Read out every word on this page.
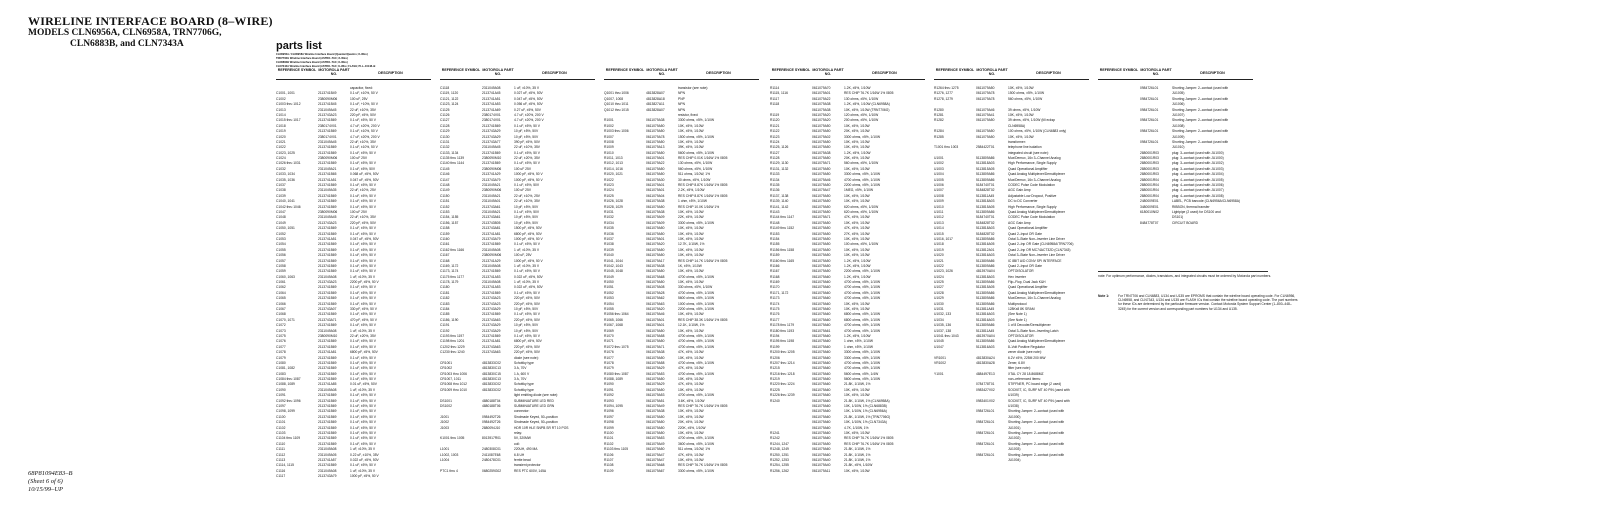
WIRELINE INTERFACE BOARD (8–WIRE)
MODELS CLN6956A, CLN6958A, TRN7706G,
CLN6883B, and CLN7343A	parts list
CLN6956A / CLN6958A Wireline Interface Board (Quantar/Quantro; 8–Wire)
TRN7706G Wireline Interface Board (ASTRO–TAC; 8–Wire)
CLN6883B Wireline Interface Board (ASTRO–TAC; 8–Wire)
CLN7343A Wireline Interface Board (ASTRO–TAC; 8–Wire; FLASH; PLL–10148–B
REFERENCE SYMBOL MOTOROLA PART NO.	DESCRIPTION
capacitor, fixed:
C1001, 1001	2113741B49	0.1 uF, ±10%, 50 V
C1002	2380090M06	100 uF, 25V
C1003 thru 1012	2113741B45	0.1 uF, +10%, 50 V
C1013	2311049A45	22 uF, ±10%, 35V
C1014	2113743A23	220 pF, ±5%, 50V
C1015 thru 1017	2113741B69	0.1 uF, ±5%, 50 V
C1018	2380174V01	4.7 uF, ±20%, 200 V
C1019	2113741B69	0.1 uF, ±10%, 50 V
C1020	2380174V01	4.7 uF, ±20%, 200 V
C1021	2311049A45	22 uF, ±10%, 35V
C1022	2113741B69	0.1 uF, ±10%, 50 V
C1023, 1025	2113741B69	0.1 uF, ±5%, 50 V
C1024	2380090M06	100 uF 25V
C1026 thru 1031	2113741B69	0.1 uF, ±5%, 50 V
C1032	2311049A21	0.1 uF, ±5%, 50V
C1033, 1034	2113741B65	0.068 uF, ±5%, 50V
C1035, 1036	2113741A51	0.047 uF, ±5%, 50V
C1037	2113741B69	0.1 uF, ±5%, 50 V
C1038	2311049A35	22 uF, ±10%, 25V
C1039	2113741B69	0.1 uF, ±5%, 50 V
C1040, 1041	2113741B69	0.1 uF, ±5%, 50 V
C1042 thru 1046	2113741B69	0.1 uF, ±5%, 50 V
C1047	2380090M06	100 uF 25V
C1048	2311049A45	22 uF, ±10%, 35V
C1049	2113743A23	220 pF, ±5%, 50V
C1050, 1051	2113741B69	0.1 uF, ±5%, 50 V
C1052	2113741B69	0.1 uF, ±5%, 50 V
C1053	2113741A51	0.047 uF, ±5%, 50V
C1054	2113741B69	0.1 uF, ±5%, 50 V
C1055	2113741B69	0.1 uF, ±5%, 50 V
C1056	2113741B69	0.1 uF, ±5%, 50 V
C1057	2113741B69	0.1 uF, ±5%, 50 V
C1058	2113741B69	0.1 uF, ±5%, 50 V
C1059	2113741B69	0.1 uF, ±5%, 50 V
C1060, 1063	2311049A08	1 uF, ±10%, 35 V
C1061	2113743A23	2200 pF, ±5%, 50 V
C1062	2113741B69	0.1 uF, ±5%, 50 V
C1064	2113741B69	0.1 uF, ±5%, 50 V
C1065	2113741B69	0.1 uF, ±5%, 50 V
C1066	2113741B69	0.1 uF, ±5%, 50 V
C1067	2113743A07	330 pF, ±5%, 50 V
C1068	2113741B69	0.1 uF, ±5%, 50 V
C1070, 1071	2113743A71	470 pF, ±5%, 50 V
C1072	2113741B69	0.1 uF, ±5%, 50 V
C1073	2311049A08	1 uF, ±10%, 35 V
C1075	2380090M10	22 uF, ±20%, 35V
C1076	2113741B69	0.1 uF, ±5%, 50 V
C1077	2113741B69	0.1 uF, ±5%, 50 V
C1078	2113741A81	6800 pF, ±5%, 50V
C1079	2113741B69	0.1 uF, ±5%, 50 V
C1080	2113741B69	0.1 uF, ±5%, 50 V
C1081, 1082	2113741B69	0.1 uF, ±5%, 50 V
C1083	2113741B69	0.1 uF, ±5%, 50 V
C1084 thru 1087	2113741B69	0.1 uF, ±5%, 50 V
C1088, 1089	2113741A85	0.01 uF, ±5%, 50V
C1090	2311049A08	1 uF, ±10%, 35 V
C1091	2113741B69	0.1 uF, ±5%, 50 V
C1092 thru 1096	2113741B69	0.1 uF, ±5%, 50 V
C1097	2113741B69	0.1 uF, ±5%, 50 V
C1098, 1099	2113741B69	0.1 uF, ±5%, 50 V
C1100	2113741B69	0.1 uF, ±5%, 50 V
C1101	2113741B69	0.1 uF, ±5%, 50 V
C1102	2113741B69	0.1 uF, ±5%, 50 V
C1103	2113741B69	0.1 uF, ±5%, 50 V
C1104 thru 1109	2113741B69	0.1 uF, ±5%, 50 V
C1110	2113741B69	0.1 uF, ±5%, 50 V
C1111	2311049A08	1 uF, ±10%, 35 V
C1112	2311049A05	0.22 uF, ±10%, 35V
C1113	2113741A57	0.022 uF, ±5%, 50V
C1114, 1115	2113741B69	0.1 uF, ±5%, 50 V
C1116	2311049A08	1 uF, ±10%, 35 V
C1117	2113743A79	1000 pF, ±5%, 50 V
REFERENCE SYMBOL MOTOROLA PART NO.	DESCRIPTION
C1118	2311049A08	1 uF, ±10%, 35 V
C1119, 1120	2113741A45	0.027 uF, ±5%, 50V
C1121, 1122	2113741A51	0.047 uF, ±5%, 50V
C1123, 1124	2113741A53	0.056 uF, ±5%, 50V
C1125	2113741A69	0.27 uF, ±5%, 50V
C1126	2380174V01	4.7 uF, ±20%, 200 V
C1127	2380174V01	4.7 uF, ±20%, 200 V
C1128	2113741B69	0.1 uF, ±5%, 50 V
C1129	2113743A29	10 pF, ±5%, 50V
C1130	2113743A29	10 pF, ±5%, 50V
C1131	2113743A77	390 pF, ±5%, 50V
C1132	2311049A45	22 uF, ±10%, 35V
C1133, 1134	2113741B69	0.1 uF, ±5%, 50 V
C1135 thru 1139	2380090M10	22 uF, ±20%, 35V
C1140 thru 1144	2113741B69	0.1 uF, ±5%, 50 V
C1145	2380090M06	100 uF 25V
C1146	2113741A29	1000 pF, ±5%, 50 V
C1147	2113743A79	1000 pF, ±5%, 50 V
C1148	2311049A21	0.1 uF, ±5%, 50V
C1149	2380090M06	100 uF 25V
C1150	2311049A21	22 uF, ±10%, 25V
C1151	2311049A01	22 uF, ±10%, 35V
C1152	2113743A61	10 pF, ±5%, 50V
C1153	2311049A21	0.1 uF, ±5%, 50V
C1154, 1155	2113743A61	10 pF, ±5%, 50V
C1156, 1157	2113743B05	10 pF, ±5%, 50V
C1158	2113743A81	1500 pF, ±5%, 50V
C1159	2113741A81	6800 pF, ±5%, 50V
C1160	2113743A79	1000 pF, ±5%, 50 V
C1161	2113741B69	0.1 uF, ±5%, 50 V
C1162 thru 1166	2311049A08	1 uF, ±10%, 35 V
C1167	2380090M06	100 uF, 25V
C1168	2113741A29	1000 pF, ±5%, 50 V
C1169, 1172	2311049A08	1 uF, ±10%, 35 V
C1173, 1174	2113741B69	0.1 uF, ±5%, 50 V
C1175 thru 1177	2113741A53	0.022 uF, ±5%, 50V
C1178, 1179	2311049A08	1 uF, ±10%, 35 V
C1180	2113741A53	0.022 uF, ±5%, 50V
C1181	2113741B69	0.1 uF, ±5%, 50 V
C1182	2113743A23	220 pF, ±5%, 50V
C1183	2113743A23	220 pF, ±5%, 50V
C1184	2113743A29	10 pF, ±5%, 50V
C1185	2113741B69	0.1 uF, ±5%, 50 V
C1186, 1190	2113743A63	220 pF, ±5%, 50V
C1191	2113743A29	10 pF, ±5%, 50V
C1192	2113743A29	10 pF, ±5%, 50V
C1193 thru 1197	2113741B69	0.1 uF, ±5%, 50 V
C1198 thru 1201	2113741A81	6800 pF, ±5%, 50V
C1202 thru 1229	2113743A63	220 pF, ±5%, 50V
C1230 thru 1240	2113743A63	220 pF, ±5%, 50V
diode (see note):
CR1001	4813833C02	Schottky type
CR1002	4813830C13	3 A, 70V
CR1003 thru 1006	4813830C15	1 A, 600 V
CR1007, 1011	4813830C13	3 A, 70V
CR1008 thru 1012	4813833C02	Schottky type
CR1009 thru 1010	4813833C02	Schottky type
light emitting diode (see note):
DS1001	4880188T04	SUBMINIATURE LED RED
DS1002	4880188T06	SUBMINIATURE LED GRN
connector:
J1001	0984492T26	Sindmade Keyed, 50–position
J1002	0984492T26	Sindmade Keyed, 50–position
J1003	2880094J10	HDR 10R HLE SNPB SR RT 10 POS
relay:
K1001 thru 1005	8013917R01	5V, 320MW
coil:
L1001	2480308C01	220UH, 490 MA
L1002, 1003	2411087E68	6.8 UH
L1004	2480478C01	ferrite bead
transient protector
PTC1 thru 4	0680259G02	RES PTC 600V, 145A
REFERENCE SYMBOL MOTOROLA PART NO.	DESCRIPTION
transistor (see note):
Q1001 thru 1006	4813828A07	NPN
Q1007, 1008	4813828A18	PNP
Q1010 thru 1011	4813827A11	NPN
Q1012 thru 1015	4813828A07	NPN
resistor, fixed:
R1001	0611079A38	3300 ohms, ±5%, 1/10W
R1002	0611079A50	10K, ±5%, 1/10W
R1003 thru 1006	0611079A50	10K, ±5%, 1/10W
R1007	0611079A78	1500 ohms, ±5%, 1/10W
R1008	0611079A50	10K, ±5%, 1/10W
R1009	0611079A13	39K, ±5%, 1/10W
R1010	0611079A50	5600 ohms, ±5%, 1/10W
R1011, 1013	0611079A01	RES CHIP 0.01K 1/16W 1% 0805
R1012, 1013	0611079A22	130 ohms, ±5%, 1/10W
R1014, 1016	0611079A50	560 ohms, ±5%, 1/10W
R1020, 1021	0611079A50	511 ohms, 1/10W, 1%
R1022	0611079A30	30 ohms, ±5%, 1/10W
R1023	0611079A01	RES CHIP 8.87K 1/16W 1% 0805
R1024	0611079A01	2.2K, ±5%, 1/10W
R1025	0611079A04	RES CHIP 8.87K 1/16W 1% 0805
R1026, 1028	0611079A38	1 ohm, ±5%, 1/10W
R1028, 1029	0611079A50	RES CHIP 10.0K 1/16W 1%
R1031	0611079A38	10K, ±5%, 1/10W
R1032	0611079A09	22K, ±5%, 1/10W
R1034	0611079A09	3300 ohms, ±5%, 1/10W
R1035	0611079A50	10K, ±5%, 1/10W
R1036	0611079A50	10K, ±5%, 1/10W
R1037	0611079A01	10K, ±5%, 1/10W
R1038	0611079A20	12.7K, 1/10W, 1%
R1039	0611079A50	10K, ±5%, 1/10W
R1040	0611079A50	10K, ±5%, 1/10W
R1041, 1044	0611079A17	RES CHIP 14.7K 1/16W 1% 0805
R1042, 1043	0611079A38	1K, ±5%, 1/10W
R1045, 1048	0611079A50	10K, ±5%, 1/10W
R1049	0611079A68	4700 ohms, ±5%, 1/10W
R1050	0611079A50	10K, ±5%, 1/10W
R1051	0611079A08	330 ohms, ±5%, 1/10W
R1052	0611079A28	4700 ohms, ±5%, 1/10W
R1053	0611079A62	5600 ohms, ±5%, 1/10W
R1054	0611079A63	1000 ohms, ±5%, 1/10W
R1055	0611079A20	2200 ohms, ±5%, 1/10W
R1056 thru 1064	0611079A46	10K, ±5%, 1/10W
R1065, 1066	0611079A01	RES CHIP 38.3K 1/16W 1% 0805
R1067, 1068	0611079A01	12.1K, 1/10W, 1%
R1069	0611079A50	10K, ±5%, 1/10W
R1070	0611079A58	4700 ohms, ±5%, 1/10W
R1071	0611079A50	4700 ohms, ±5%, 1/10W
R1072 thru 1075	0611079A71	4700 ohms, ±5%, 1/10W
R1076	0611079A38	47K, ±5%, 1/10W
R1077	0611079A50	10K, ±5%, 1/10W
R1078	0611079A58	4700 ohms, ±5%, 1/10W
R1079	0611079A29	47K, ±5%, 1/10W
R1080 thru 1087	0611079A53	4700 ohms, ±5%, 1/10W
R1088, 1089	0611079A50	10K, ±5%, 1/10W
R1090	0611079A29	47K, ±5%, 1/10W
R1091	0611079A50	10K, ±5%, 1/10W
R1092	0611079A53	4700 ohms, ±5%, 1/10W
R1093	0611079A51	3.6K, ±5%, 1/10W
R1094, 1095	0611079A49	RES CHIP 76.7K 1/16W 1% 0805
R1096	0611079A38	10K, ±5%, 1/10W
R1097	0611079A50	10K, ±5%, 1/10W
R1098	0611079A50	20K, ±5%, 1/10W
R1099	0611079A50	220K, ±5%, 1/10W
R1100	0611079A50	10K, ±5%, 1/10W
R1101	0611079A53	4700 ohms, ±5%, 1/10W
R1102	0611079A49	3600 ohms, ±5%, 1/10W
R1103 thru 1105	0611079A50	511 ohms, 1/10W, 1%
R1106	0611079A47	47K, ±5%, 1/10W
R1107	0611079A47	10K, ±5%, 1/10W
R1108	0611079A68	RES CHIP 76.7K 1/16W 1% 0805
R1109	0611079A67	3300 ohms, ±5%, 1/10W
REFERENCE SYMBOL MOTOROLA PART NO.	DESCRIPTION
R1114	0611079A70	1.2K, ±5%, 1/10W
R1115, 1116	0611079A01	RES CHIP 76.7K 1/16W 1% 0805
R1117	0611079A22	130 ohms, ±5%, 1/10W
R1118	0611079A38	1.2K, ±5%, 1/10W (CLN6958A)
0611079A38	10K, ±5%, 1/10W (TRN7706G)
R1119	0611079A20	120 ohms, ±5%, 1/10W
R1120	0611079A20	200 ohms, ±5%, 1/10W
R1121	0611079A50	10K, ±5%, 1/10W
R1122	0611079A50	20K, ±5%, 1/10W
R1123	0611079A02	3300 ohms, ±5%, 1/10W
R1124	0611079A50	10K, ±5%, 1/10W
R1125, 1126	0611079A50	10K, ±5%, 1/10W
R1127	0611079A38	1.2K, ±5%, 1/10W
R1128	0611079A50	20K, ±5%, 1/10W
R1129, 1130	0611079A71	560 ohms, ±5%, 1/10W
R1131, 1132	0611079A50	10K, ±5%, 1/10W
R1133	0611079A50	3300 ohms, ±5%, 1/10W
R1134	0611079A46	4700 ohms, ±5%, 1/10W
R1135	0611079A50	2200 ohms, ±5%, 1/10W
R1136	0611079A47	1MEG, ±5%, 1/10W
R1137, 1138	0611079A50	10K, ±5%, 1/10W
R1139, 1140	0611079A50	10K, ±5%, 1/10W
R1141, 1142	0611079A50	620 ohms, ±5%, 1/10W
R1143	0611079A50	620 ohms, ±5%, 1/10W
R1144 thru 1147	0611079A71	47K, ±5%, 1/10W
R1148	0611079A50	10K, ±5%, 1/10W
R1149 thru 1152	0611079A50	47K, ±5%, 1/10W
R1153	0611079A50	27K, ±5%, 1/10W
R1154	0611079A50	10K, ±5%, 1/10W
R1155	0611079A50	100 ohms, ±5%, 1/10W
R1156 thru 1158	0611079A50	10K, ±5%, 1/10W
R1159	0611079A50	10K, ±5%, 1/10W
R1160 thru 1165	0611079A50	1.2K, ±5%, 1/10W
R1166	0611079A50	1.2K, ±5%, 1/10W
R1167	0611079A50	2200 ohms, ±5%, 1/10W
R1168	0611079A60	1.2K, ±5%, 1/10W
R1169	0611079A60	4700 ohms, ±5%, 1/10W
R1170	0611079A60	4700 ohms, ±5%, 1/10W
R1171, 1172	0611079A60	4700 ohms, ±5%, 1/10W
R1173	0611079A60	4700 ohms, ±5%, 1/10W
R1174	0611079A60	10K, ±5%, 1/10W
R1175	0611079A60	10K, ±5%, 1/10W
R1176	0611079A60	6800 ohms, ±5%, 1/10W
R1177	0611079A60	6800 ohms, ±5%, 1/10W
R1178 thru 1179	0611079A60	4700 ohms, ±5%, 1/10W
R1180 thru 1193	0611079A61	4700 ohms, ±5%, 1/10W
R1194	0611079A60	1.2K, ±5%, 1/10W
R1195 thru 1198	0611079A60	1 ohm, ±5%, 1/10W
R1199	0611079A60	1 ohm, ±5%, 1/10W
R1200 thru 1205	0611079A60	3300 ohms, ±5%, 1/10W
R1206	0611079A60	3300 ohms, ±5%, 1/10W
R1207 thru 1214	0611079A60	4700 ohms, ±5%, 1/10W
R1215	0611079A60	4700 ohms, ±5%, 1/10W
R1216 thru 1218	0611079A60	5600 ohms, ±5%, 1/4W
R1219	0611079A60	5600 ohms, ±5%, 1/10W
R1220 thru 1224	0611079A60	21.8K, 1/10W, 1%
R1225	0611079A60	10K, ±5%, 1/10W
R1226 thru 1239	0611079A60	10K, ±5%, 1/10W
R1240	0611079A60	21.8K, 1/10W, 1% (CLN6958A)
0611079A60	10K, 1/10W, 1% (CLN6883B)
0611079A60	10K, 1/10W, 1% (CLN6956A)
0611079A60	21.8K, 1/10W, 1% (TRN7706G)
0611079A60	10K, 1/10W, 1% (CLN7343A)
0611079A60	4.7K, 1/10W, 1%
R1241	0611079A60	10K, ±5%, 1/10W
R1242	0611079A60	RES CHIP 76.7K 1/16W 1% 0805
R1244, 1247	0611079A50	RES CHIP 76.7K 1/16W 1% 0805
R1248, 1249	0611079A60	21.8K, 1/10W, 1%
R1250, 1251	0611079A60	21.8K, 1/10W, 1%
R1252, 1253	0611079A40	21.8K, 1/10W, 1%
R1254, 1255	0611079A40	21.8K, ±5%, 1/10W
R1256, 1262	0611079A11	10K, ±5%, 1/10W
REFERENCE SYMBOL MOTOROLA PART NO.	DESCRIPTION
R1264 thru 1275	0611079A50	10K, ±5%, 1/10W
R1276, 1277	0611079A78	1500 ohms, ±5%, 1/10W
R1278, 1279	0611079A78	560 ohms, ±5%, 1/10W
R1280	0611079A46	39 ohms, ±5%, 1/10W
R1281	0611079A41	10K, ±5%, 1/10W
R1282	0611079A50	39 ohms, ±5%, 1/10W (till ecksp
CLN6958A)
R1284	0611079A50	100 ohms, ±5%, 1/10W (CLN6883 only)
R1285	0611079A50	10K, ±5%, 1/10W
transformer:
T1001 thru 1003	2584422T01	telephone line isolation
integrated circuit (see note):
U1001	5113809A86	Mux/Demux, 16x 3–Channel Analog
U1002	5113818A03	High Performance, Single Supply
U1003	5113815A05	Quad Operational Amplifier
U1004	5113809A86	Quad Analog Multiplexer/Demultiplexer
U1005	5113809A86	Mux/Demux, 16x 3–Channel Analog
U1006	5184740T01	CODEC Pulse Code Modulation
U1007	5184828T02	AGC Gain Amp
U1008	5113811A45	Adjustable Low Dropout, Positive
U1009	5113818A03	DC to DC Converter
U1010	5113815A05	High Performance, Single Supply
U1011	5113809A86	Quad Analog Multiplexer/Demultiplexer
U1012	5184740T01	CODEC Pulse Code Modulation
U1013	5184828T02	AGC Gain Amp
U1014	5113818A03	Quad Operational Amplifier
U1015	5184828T02	Quad 2–Input OR Gate
U1016, 1017	5113809A86	Octal 3–State Non–Inverter Line Driver
U1018	5113816A05	Quad 2–Inp OR Gate (CLN6958A/TRN7706)
U1019	5113812A01	Quad 2–Inp OR MC74ACT32D (CLN7343)
U1020	5113816A03	Octal 3–State Non–Inverter Line Driver
U1021	5113809A86	IC 8BIT A/D CONV SPI INTERFACE
U1022	5113809A86	Quad 2–Input OR Gate
U1023, 1026	4813970A04	OPTOISOLATOR
U1024	5113818A03	Hex Inverter
U1025	5113809A86	Flip–Flop, Dual Jack K&H
U1027	5113815A05	Quad Operational Amplifier
U1028	5113809A86	Quad Analog Multiplexer/Demultiplexer
U1029	5113809A86	Mux/Demux, 16x 3–Channel Analog
U1030	5113809A86	Multiprotocol
U1031	5113811A45	128Kx8 8K SRAM
U1032, 133	5113816A03	(See Note 1)
U1034	5113816A03	(See Note 1)
U1035, 136	5113809A86	1 of 8 Decoder/Demultiplexer
U1037, 138	5113811A45	Octal 3–State Non–Inverting Latch
U1041 thru 1043	4813970A04	OPTOISOLATOR
U1045	5113809A86	Quad Analog Multiplexer/Demultiplexer
U1047	5113816A03	8–Volt Positive Regulator
zener diode (see note):
VR1001	4813830A24	6.2V ±5%, 225M 200 MW
VR1002	4813830A28	Zener, 6.8V
filter (see note):
Y1001	4884497E13	XTAL CY 28 18.8688MZ
non–referenced items:
0784778T01	STIFFNER, PC board edge (2 used)
0983427V02	SOCKET, IC, SURF MT 40 PIN (used with
U1039)
0983401V02	SOCKET, IC, SURF MT 40 PIN (used with
U1038)
0984726L01	Shorting Jumper: 2–contact (used with
JU1000)
0984726L01	Shorting Jumper: 2–contact (used with
JU1001)
0984726L01	Shorting Jumper: 2–contact (used with
JU1002)
0984726L01	Shorting Jumper: 2–contact (used with
JU1003)
0984726L01	Shorting Jumper: 2–contact (used with
JU1004)
REFERENCE SYMBOL MOTOROLA PART NO.	DESCRIPTION
0984726L01	Shorting Jumper: 2–contact (used with
JU1005)
0984726L01	Shorting Jumper: 2–contact (used with
JU1006)
0984726L01	Shorting Jumper: 2–contact (used with
JU1007)
0984726L01	Shorting Jumper: 2–contact (used with
JU1008)
0984726L01	Shorting Jumper: 2–contact (used with
JU1009)
0984726L01	Shorting Jumper: 2–contact (used with
JU1010)
2880001R03	plug: 3–contact (used with JU1000)
2880001R03	plug: 3–contact (used with JU1000)
2880001R03	plug: 3–contact (used with JU1002)
2880001R03	plug: 3–contact (used with JU1003)
2880001R03	plug: 4–contact (used with JU1004)
2880001R04	plug: 4–contact (used with JU1005)
2880001R04	plug: 4–contact (used with JU1006)
2880001R04	plug: 4–contact (used with JU1007)
2880001R04	plug: 4–contact (used with JU1008)
2480009E01	LABEL, PCB barcode (CLN6956A/CLN6958A)
3480009E01	RIBBON, thermal transfer
6180010N02	Lightpipe (2 used) for DS100 and
DS101)
8484778T07	CIRCUIT BOARD
note: For optimum performance, diodes, transistors, and integrated circuits must be ordered by Motorola part numbers.
Note 1:	For TRN7706 and CLN6883, U134 and U135 are EPROMS that contain the wireline board operating code. For CLN6956, CLN6958, and CLN7343, U134 and U135 are FLASH ICs that contain the wireline board operating code. The part numbers for these ICs are determined by the particular firmware version. Contact Motorola System Support Center (1–800–448–3245) for the current version and corresponding part numbers for U134 and U135.
68P81094E83–B
(Sheet 6 of 6)
10/15/99–UP
